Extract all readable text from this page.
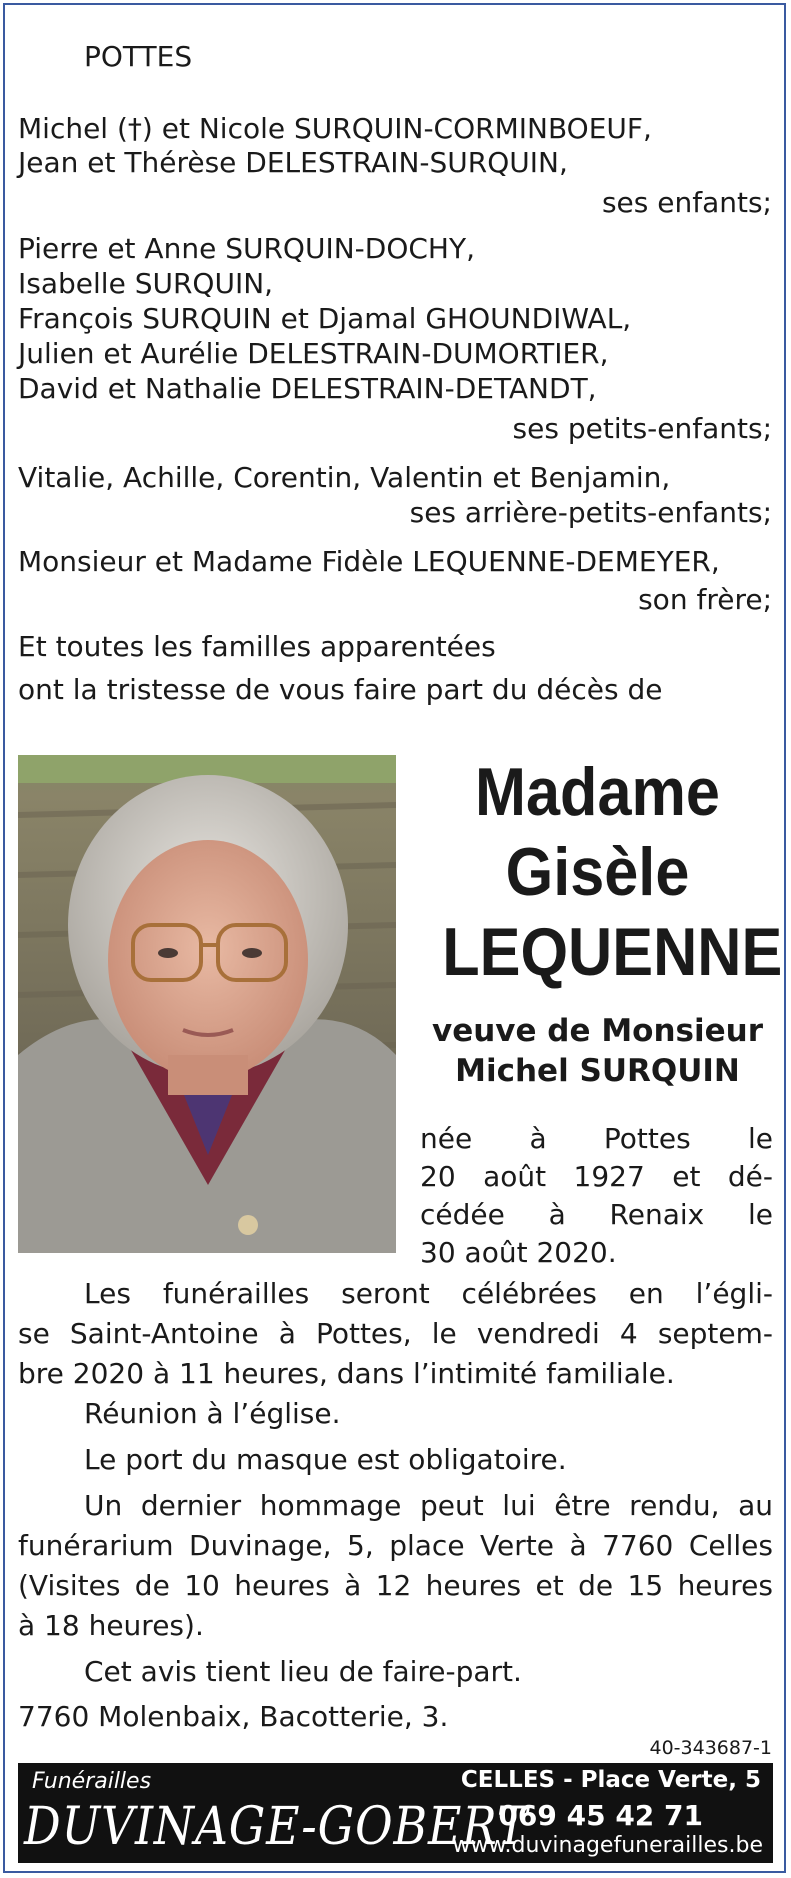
POTTES
Michel (†) et Nicole SURQUIN-CORMINBOEUF,
Jean et Thérèse DELESTRAIN-SURQUIN,
ses enfants;
Pierre et Anne SURQUIN-DOCHY,
Isabelle SURQUIN,
François SURQUIN et Djamal GHOUNDIWAL,
Julien et Aurélie DELESTRAIN-DUMORTIER,
David et Nathalie DELESTRAIN-DETANDT,
ses petits-enfants;
Vitalie, Achille, Corentin, Valentin et Benjamin,
ses arrière-petits-enfants;
Monsieur et Madame Fidèle LEQUENNE-DEMEYER,
son frère;
Et toutes les familles apparentées
ont la tristesse de vous faire part du décès de
Madame
Gisèle
LEQUENNE
veuve de Monsieur
Michel SURQUIN
née à Pottes le
20 août 1927 et dé-
cédée à Renaix le
30 août 2020.
Les funérailles seront célébrées en l’égli-
se Saint-Antoine à Pottes, le vendredi 4 septem-
bre 2020 à 11 heures, dans l’intimité familiale.
Réunion à l’église.
Le port du masque est obligatoire.
Un dernier hommage peut lui être rendu, au
funérarium Duvinage, 5, place Verte à 7760 Celles
(Visites de 10 heures à 12 heures et de 15 heures
à 18 heures).
Cet avis tient lieu de faire-part.
7760 Molenbaix, Bacotterie, 3.
40-343687-1
Funérailles
DUVINAGE-GOBERT
CELLES - Place Verte, 5
069 45 42 71
www.duvinagefunerailles.be
